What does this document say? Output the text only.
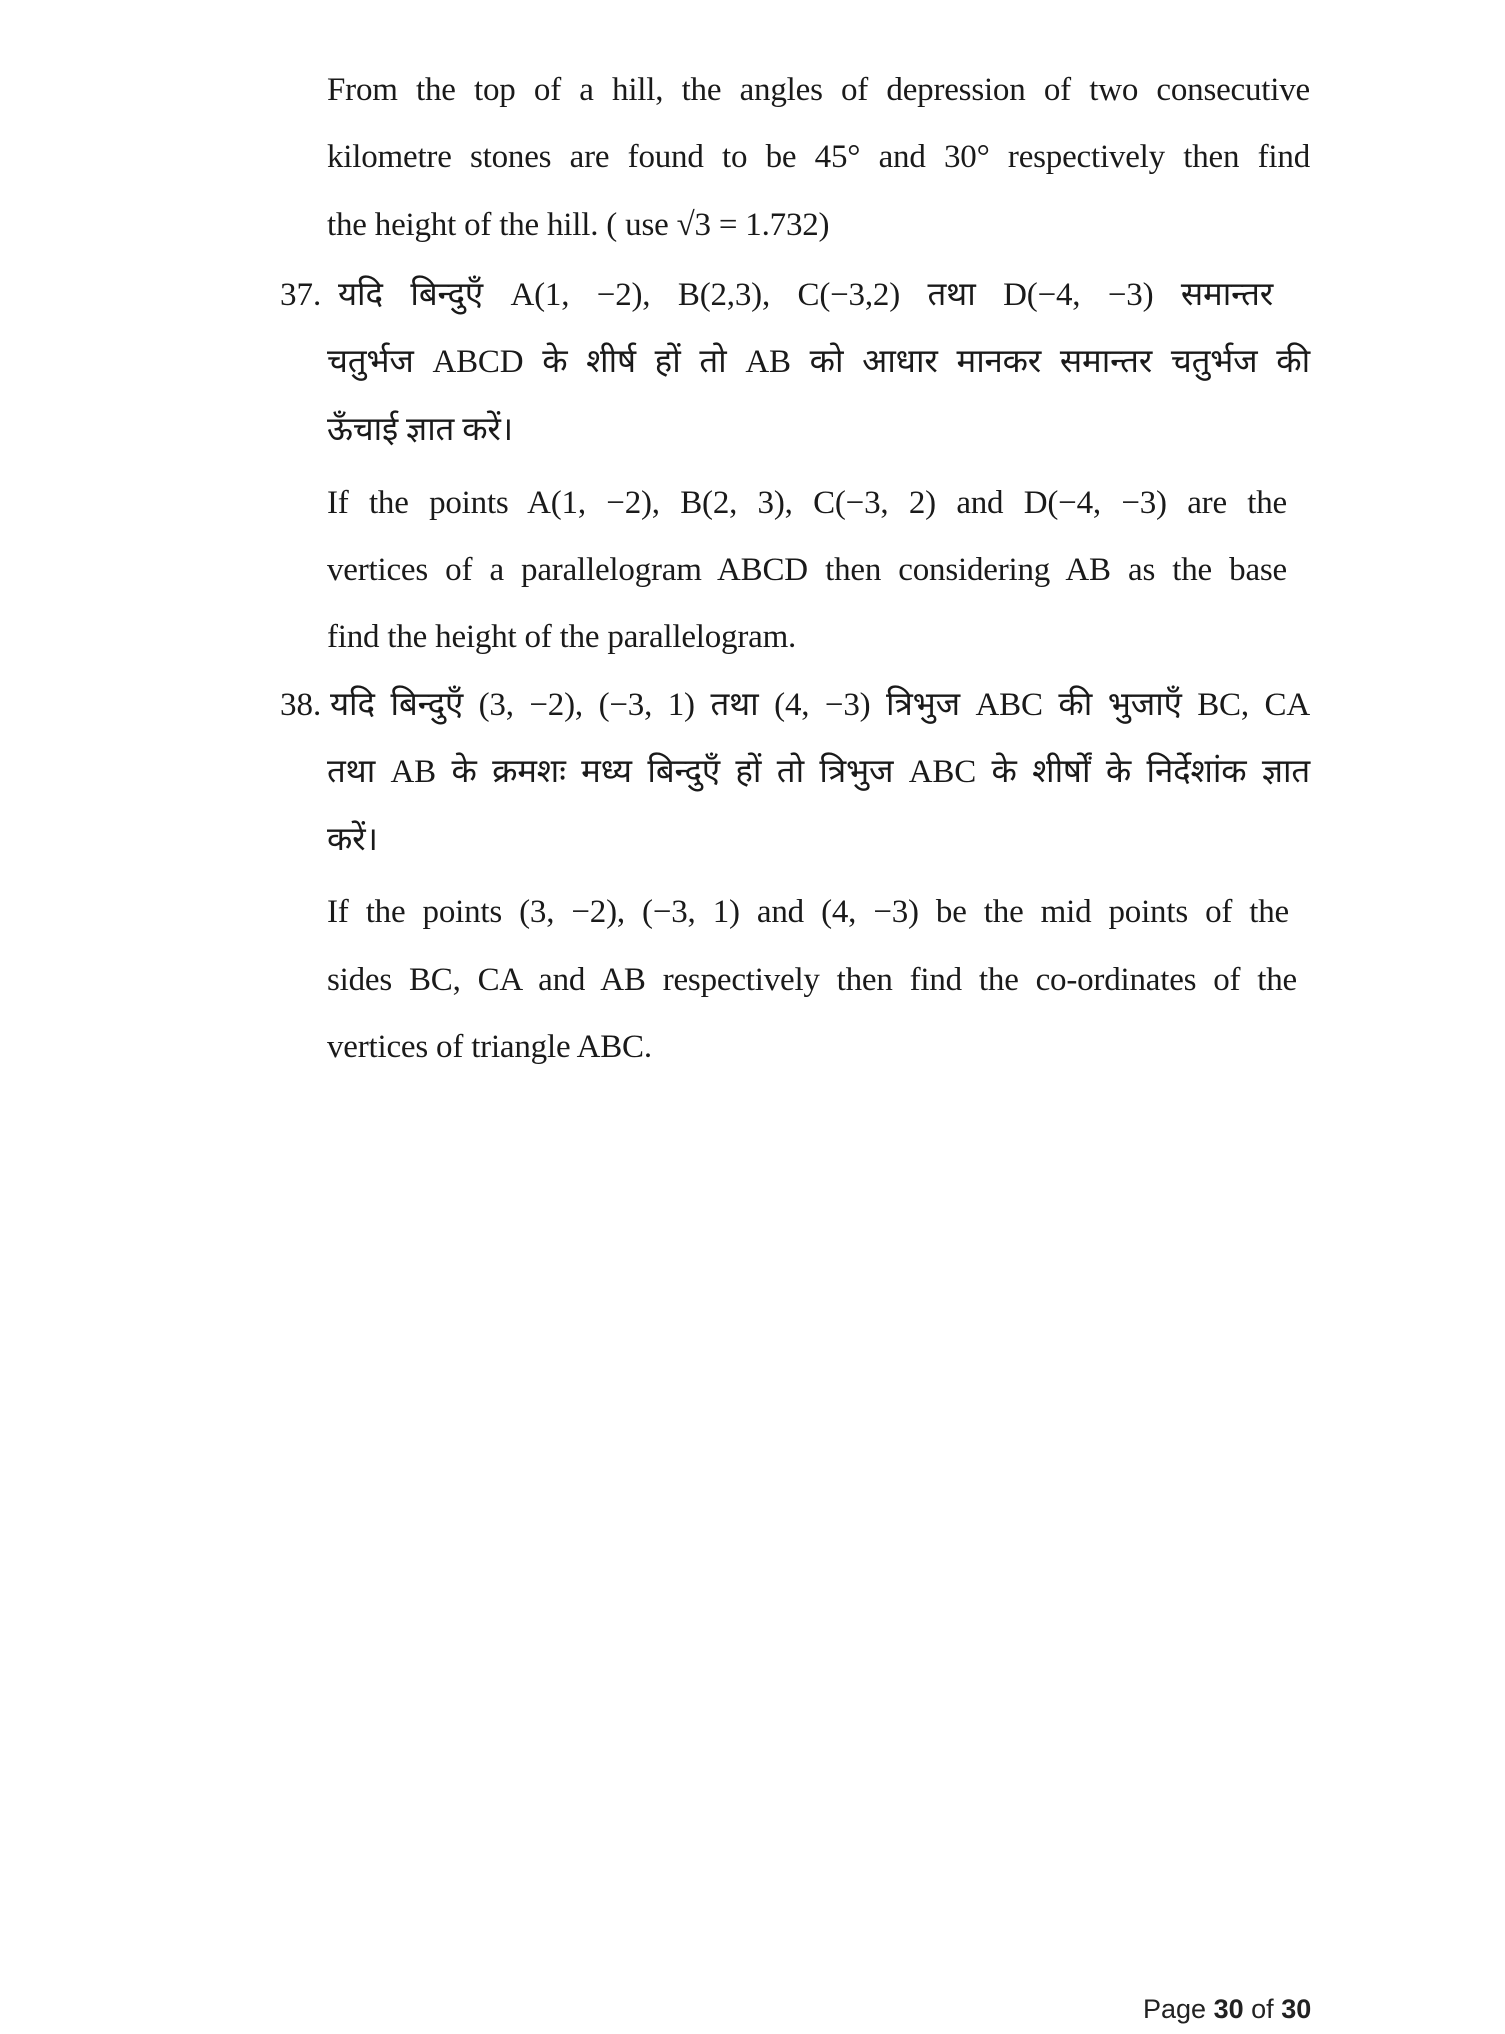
From the top of a hill, the angles of depression of two consecutive
kilometre stones are found to be 45° and 30° respectively then find
the height of the hill. ( use √3 = 1.732)
37. यदि बिन्दुएँ A(1, −2), B(2,3), C(−3,2) तथा D(−4, −3) समान्तर
चतुर्भज ABCD के शीर्ष हों तो AB को आधार मानकर समान्तर चतुर्भज की
ऊँचाई ज्ञात करें।
If the points A(1, −2), B(2, 3), C(−3, 2) and D(−4, −3) are the
vertices of a parallelogram ABCD then considering AB as the base
find the height of the parallelogram.
38. यदि बिन्दुएँ (3, −2), (−3, 1) तथा (4, −3) त्रिभुज ABC की भुजाएँ BC, CA
तथा AB के क्रमशः मध्य बिन्दुएँ हों तो त्रिभुज ABC के शीर्षों के निर्देशांक ज्ञात
करें।
If the points (3, −2), (−3, 1) and (4, −3) be the mid points of the
sides BC, CA and AB respectively then find the co-ordinates of the
vertices of triangle ABC.
Page 30 of 30
